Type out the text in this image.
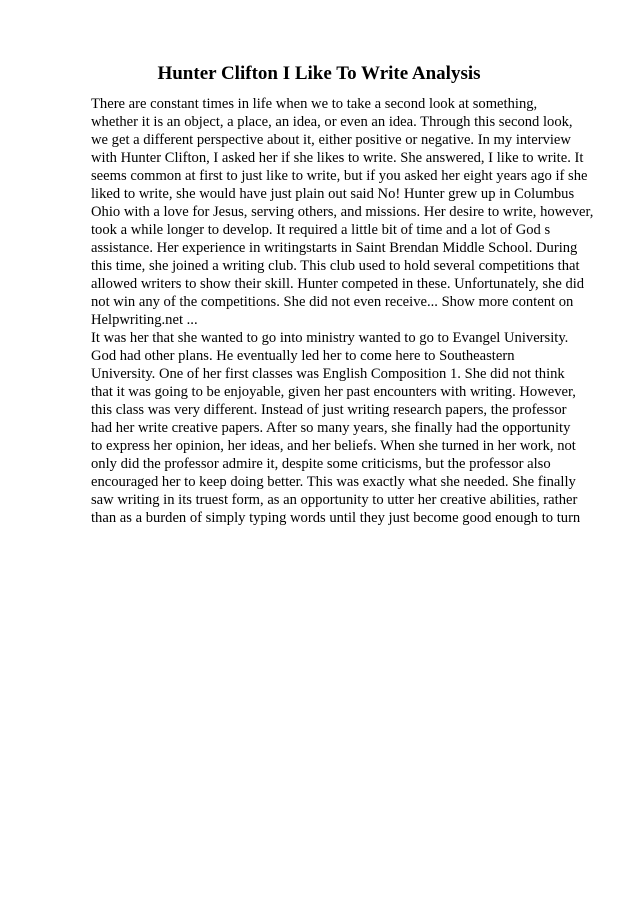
Hunter Clifton I Like To Write Analysis
There are constant times in life when we to take a second look at something,
whether it is an object, a place, an idea, or even an idea. Through this second look,
we get a different perspective about it, either positive or negative. In my interview
with Hunter Clifton, I asked her if she likes to write. She answered, I like to write. It
seems common at first to just like to write, but if you asked her eight years ago if she
liked to write, she would have just plain out said No! Hunter grew up in Columbus
Ohio with a love for Jesus, serving others, and missions. Her desire to write, however,
took a while longer to develop. It required a little bit of time and a lot of God s
assistance. Her experience in writingstarts in Saint Brendan Middle School. During
this time, she joined a writing club. This club used to hold several competitions that
allowed writers to show their skill. Hunter competed in these. Unfortunately, she did
not win any of the competitions. She did not even receive... Show more content on
Helpwriting.net ...
It was her that she wanted to go into ministry wanted to go to Evangel University.
God had other plans. He eventually led her to come here to Southeastern
University. One of her first classes was English Composition 1. She did not think
that it was going to be enjoyable, given her past encounters with writing. However,
this class was very different. Instead of just writing research papers, the professor
had her write creative papers. After so many years, she finally had the opportunity
to express her opinion, her ideas, and her beliefs. When she turned in her work, not
only did the professor admire it, despite some criticisms, but the professor also
encouraged her to keep doing better. This was exactly what she needed. She finally
saw writing in its truest form, as an opportunity to utter her creative abilities, rather
than as a burden of simply typing words until they just become good enough to turn
